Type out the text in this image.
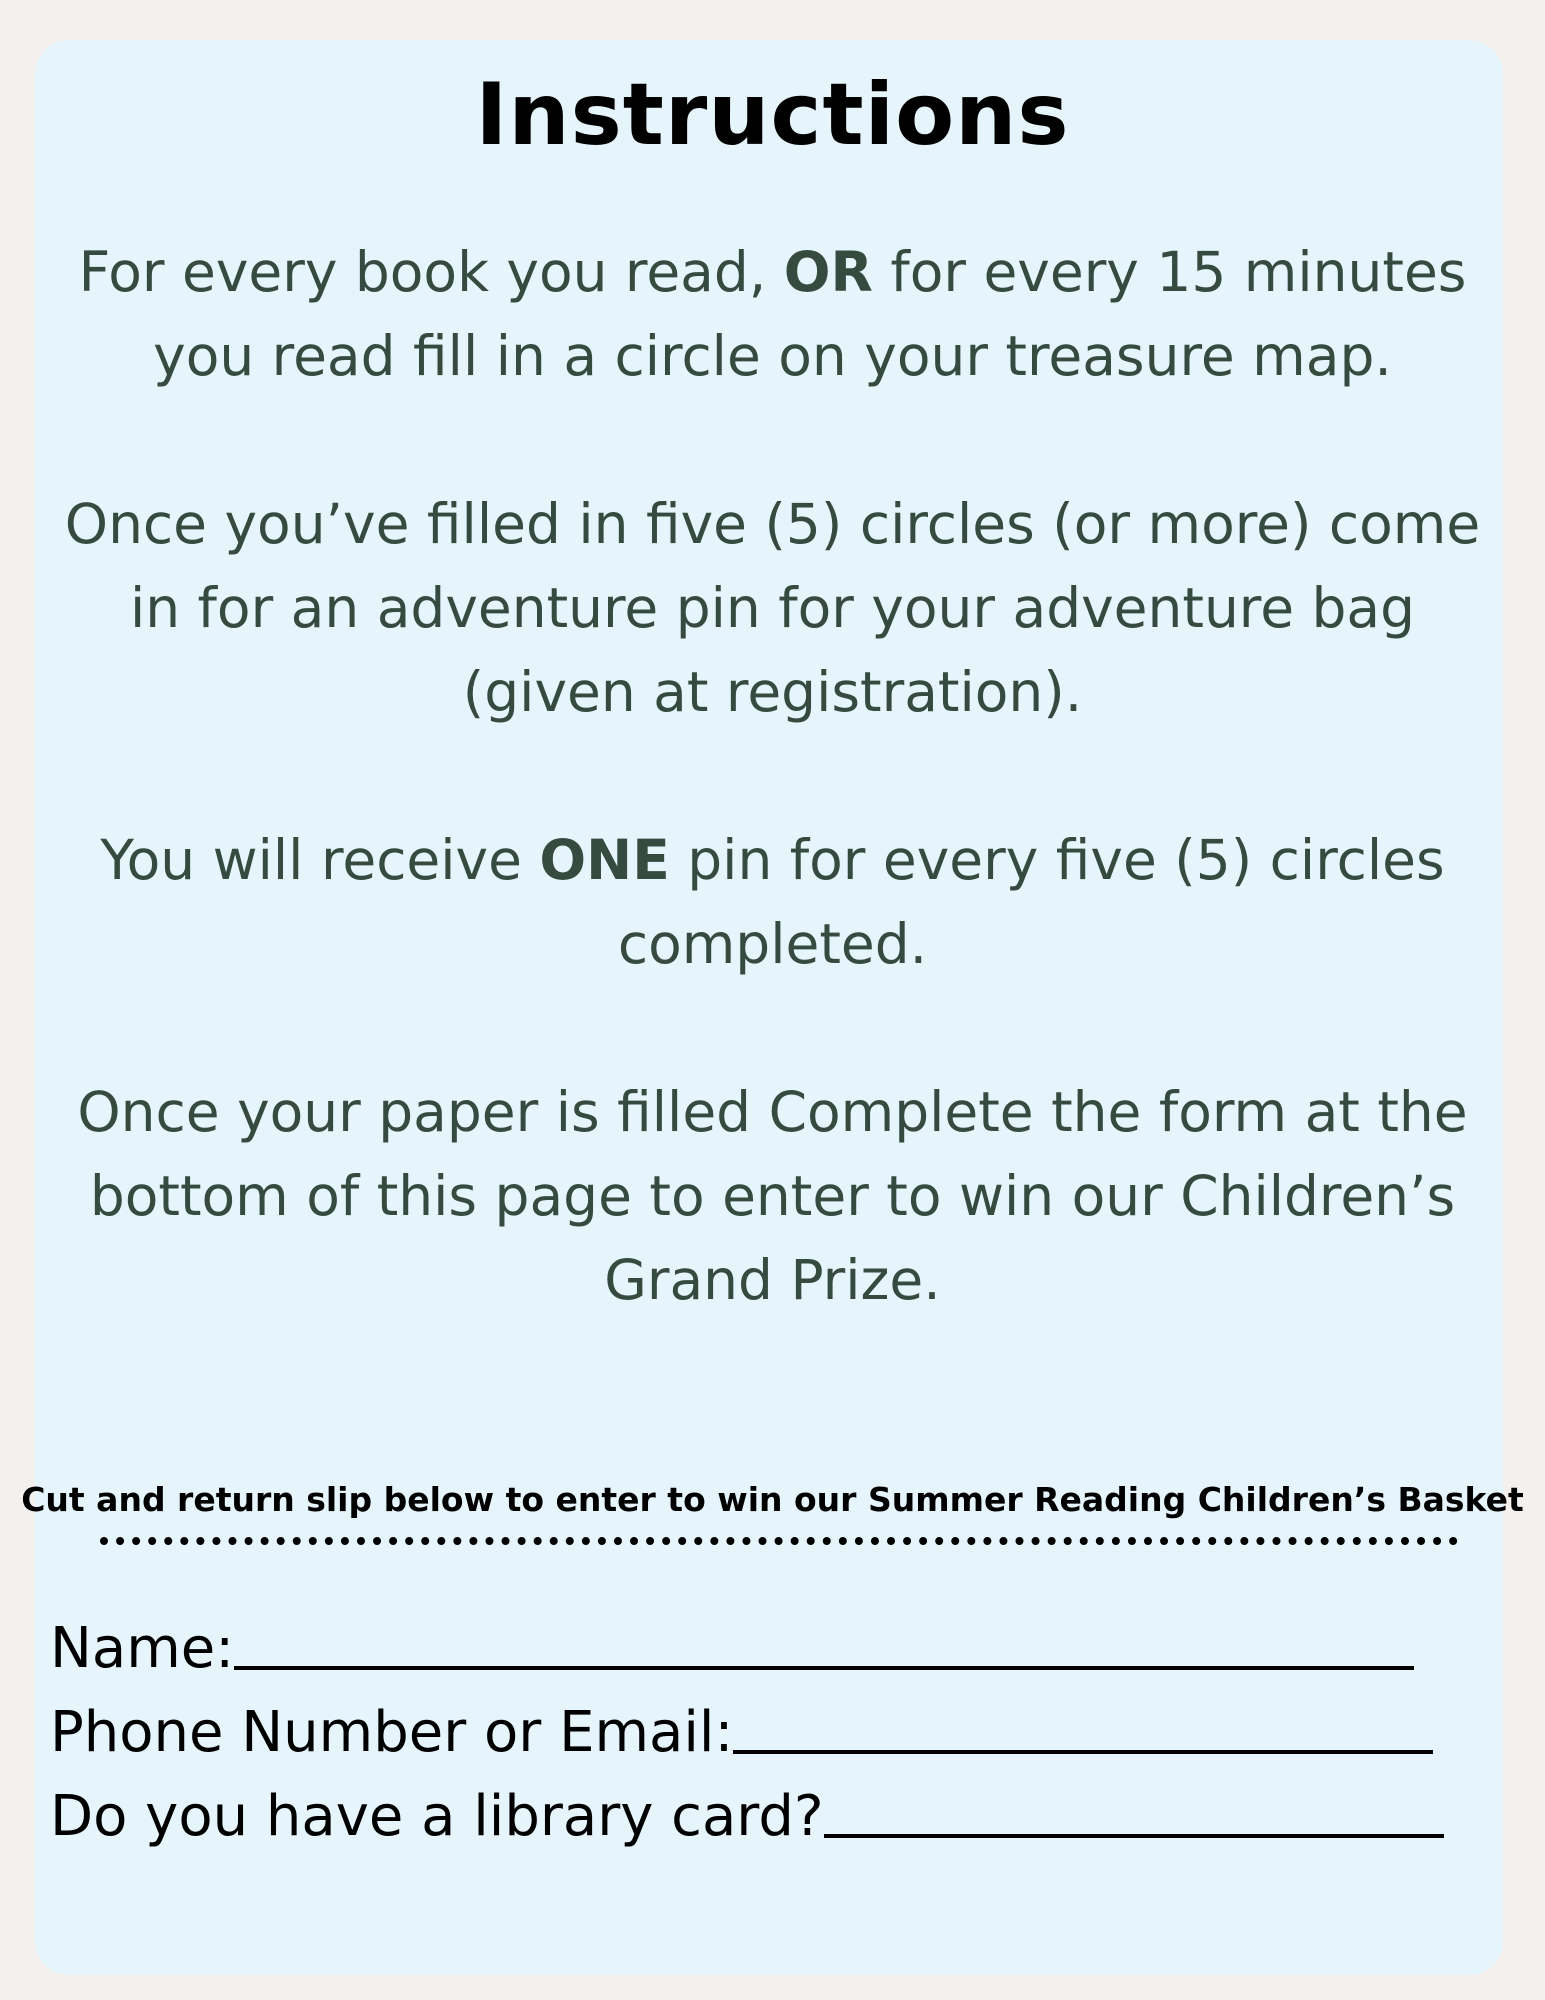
Instructions

For every book you read, OR for every 15 minutes you read fill in a circle on your treasure map.

Once you’ve filled in five (5) circles (or more) come in for an adventure pin for your adventure bag (given at registration).

You will receive ONE pin for every five (5) circles completed.

Once your paper is filled Complete the form at the bottom of this page to enter to win our Children’s Grand Prize.

Cut and return slip below to enter to win our Summer Reading Children’s Basket
Name:
Phone Number or Email:
Do you have a library card?
